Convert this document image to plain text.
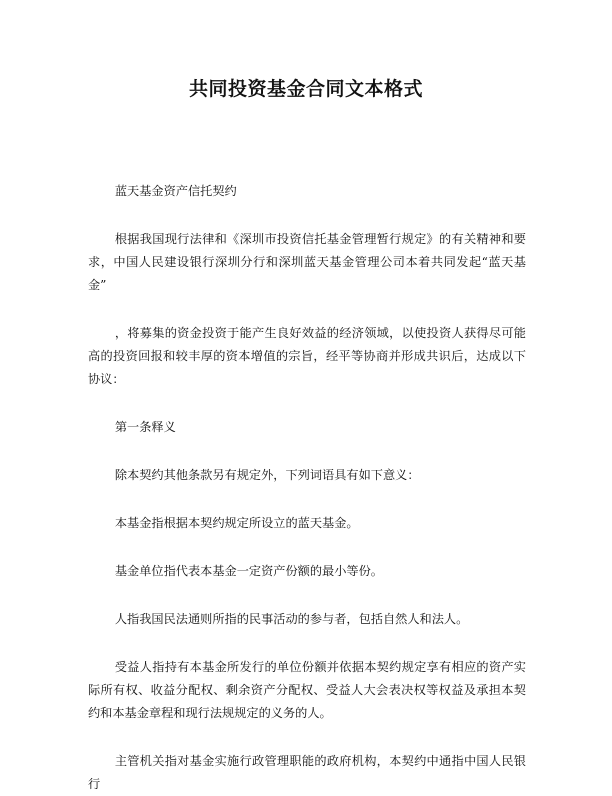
共同投资基金合同文本格式

蓝天基金资产信托契约

根据我国现行法律和《深圳市投资信托基金管理暂行规定》的有关精神和要求，中国人民建设银行深圳分行和深圳蓝天基金管理公司本着共同发起“蓝天基金”

，将募集的资金投资于能产生良好效益的经济领域，以使投资人获得尽可能高的投资回报和较丰厚的资本增值的宗旨，经平等协商并形成共识后，达成以下协议：

第一条释义

除本契约其他条款另有规定外，下列词语具有如下意义：

本基金指根据本契约规定所设立的蓝天基金。

基金单位指代表本基金一定资产份额的最小等份。

人指我国民法通则所指的民事活动的参与者，包括自然人和法人。

受益人指持有本基金所发行的单位份额并依据本契约规定享有相应的资产实际所有权、收益分配权、剩余资产分配权、受益人大会表决权等权益及承担本契约和本基金章程和现行法规规定的义务的人。

主管机关指对基金实施行政管理职能的政府机构，本契约中通指中国人民银行
